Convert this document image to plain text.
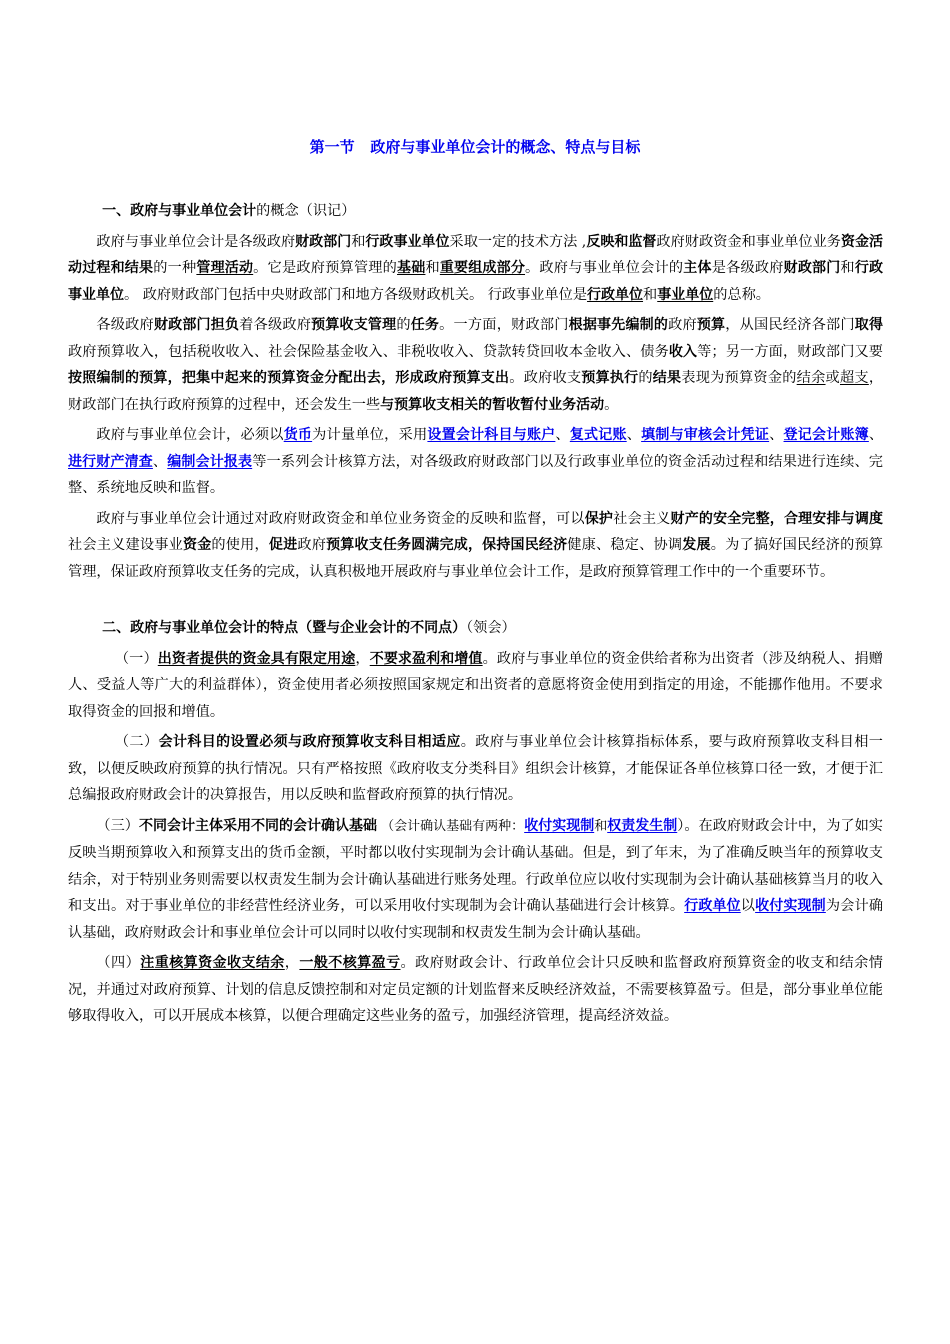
第一节   政府与事业单位会计的概念、特点与目标

一、政府与事业单位会计的概念（识记）

政府与事业单位会计是各级政府财政部门和行政事业单位采取一定的技术方法 ,反映和监督政府财政资金和事业单位业务资金活动过程和结果的一种管理活动。它是政府预算管理的基础和重要组成部分。政府与事业单位会计的主体是各级政府财政部门和行政事业单位。 政府财政部门包括中央财政部门和地方各级财政机关。 行政事业单位是行政单位和事业单位的总称。

各级政府财政部门担负着各级政府预算收支管理的任务。一方面，财政部门根据事先编制的政府预算，从国民经济各部门取得政府预算收入，包括税收收入、社会保险基金收入、非税收收入、贷款转贷回收本金收入、债务收入等；另一方面，财政部门又要按照编制的预算，把集中起来的预算资金分配出去，形成政府预算支出。政府收支预算执行的结果表现为预算资金的结余或超支，财政部门在执行政府预算的过程中，还会发生一些与预算收支相关的暂收暂付业务活动。

政府与事业单位会计，必须以货币为计量单位，采用设置会计科目与账户、复式记账、填制与审核会计凭证、登记会计账簿、进行财产清查、编制会计报表等一系列会计核算方法，对各级政府财政部门以及行政事业单位的资金活动过程和结果进行连续、完整、系统地反映和监督。

政府与事业单位会计通过对政府财政资金和单位业务资金的反映和监督，可以保护社会主义财产的安全完整，合理安排与调度社会主义建设事业资金的使用，促进政府预算收支任务圆满完成，保持国民经济健康、稳定、协调发展。为了搞好国民经济的预算管理，保证政府预算收支任务的完成，认真积极地开展政府与事业单位会计工作，是政府预算管理工作中的一个重要环节。

二、政府与事业单位会计的特点（暨与企业会计的不同点）（领会）

（一）出资者提供的资金具有限定用途，不要求盈利和增值。政府与事业单位的资金供给者称为出资者（涉及纳税人、捐赠人、受益人等广大的利益群体），资金使用者必须按照国家规定和出资者的意愿将资金使用到指定的用途，不能挪作他用。不要求取得资金的回报和增值。

（二）会计科目的设置必须与政府预算收支科目相适应。政府与事业单位会计核算指标体系，要与政府预算收支科目相一致，以便反映政府预算的执行情况。只有严格按照《政府收支分类科目》组织会计核算，才能保证各单位核算口径一致，才便于汇总编报政府财政会计的决算报告，用以反映和监督政府预算的执行情况。

（三）不同会计主体采用不同的会计确认基础 （会计确认基础有两种：收付实现制和权责发生制）。在政府财政会计中，为了如实反映当期预算收入和预算支出的货币金额，平时都以收付实现制为会计确认基础。但是，到了年末，为了准确反映当年的预算收支结余，对于特别业务则需要以权责发生制为会计确认基础进行账务处理。行政单位应以收付实现制为会计确认基础核算当月的收入和支出。对于事业单位的非经营性经济业务，可以采用收付实现制为会计确认基础进行会计核算。行政单位以收付实现制为会计确认基础，政府财政会计和事业单位会计可以同时以收付实现制和权责发生制为会计确认基础。

（四）注重核算资金收支结余，一般不核算盈亏。政府财政会计、行政单位会计只反映和监督政府预算资金的收支和结余情况，并通过对政府预算、计划的信息反馈控制和对定员定额的计划监督来反映经济效益，不需要核算盈亏。但是，部分事业单位能够取得收入，可以开展成本核算，以便合理确定这些业务的盈亏，加强经济管理，提高经济效益。
